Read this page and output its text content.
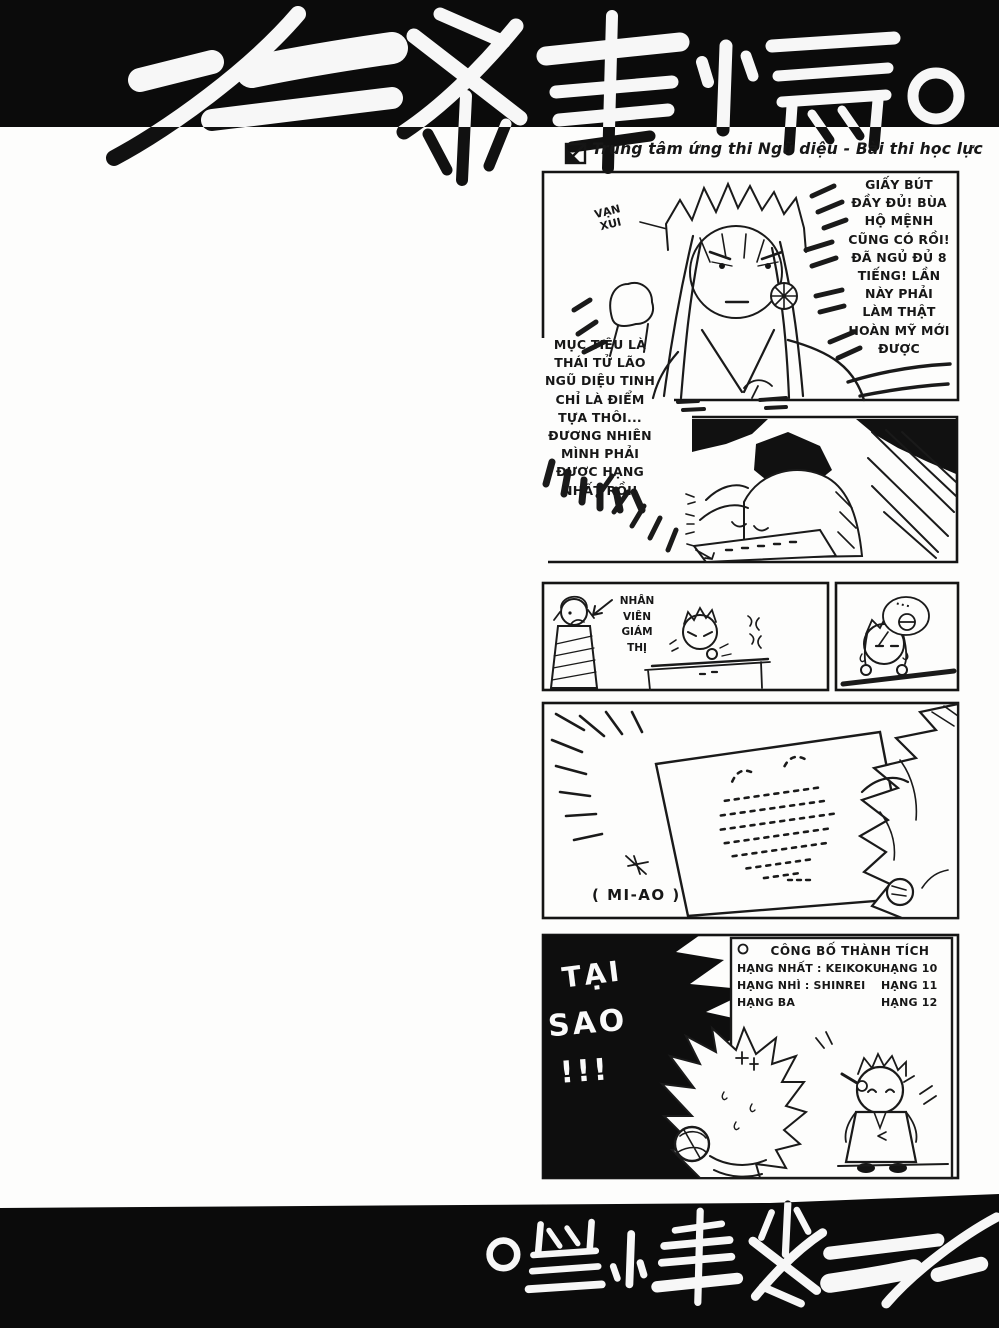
Trung tâm ứng thi Ngũ diệu - Bài thi học lực
VẠN XUI
GIẤY BÚT
ĐẦY ĐỦ! BÙA
HỘ MỆNH
CŨNG CÓ RỒI!
ĐÃ NGỦ ĐỦ 8
TIẾNG! LẦN
NÀY PHẢI
LÀM THẬT
HOÀN MỸ MỚI
ĐƯỢC
MỤC TIÊU LÀ
THÁI TỬ LÃO
NGŨ DIỆU TINH
CHỈ LÀ ĐIỂM
TỰA THÔI...
ĐƯƠNG NHIÊN
MÌNH PHẢI
ĐƯỢC HẠNG
NHẤT RỒI!
NHÂN
VIÊN
GIÁM
THỊ
...
( MI-AO )
TẠI
SAO
!!!
CÔNG BỐ THÀNH TÍCH
HẠNG NHẤT : KEIKOKU HẠNG 10
HẠNG NHÌ : SHINREI HẠNG 11
HẠNG BA	HẠNG 12
